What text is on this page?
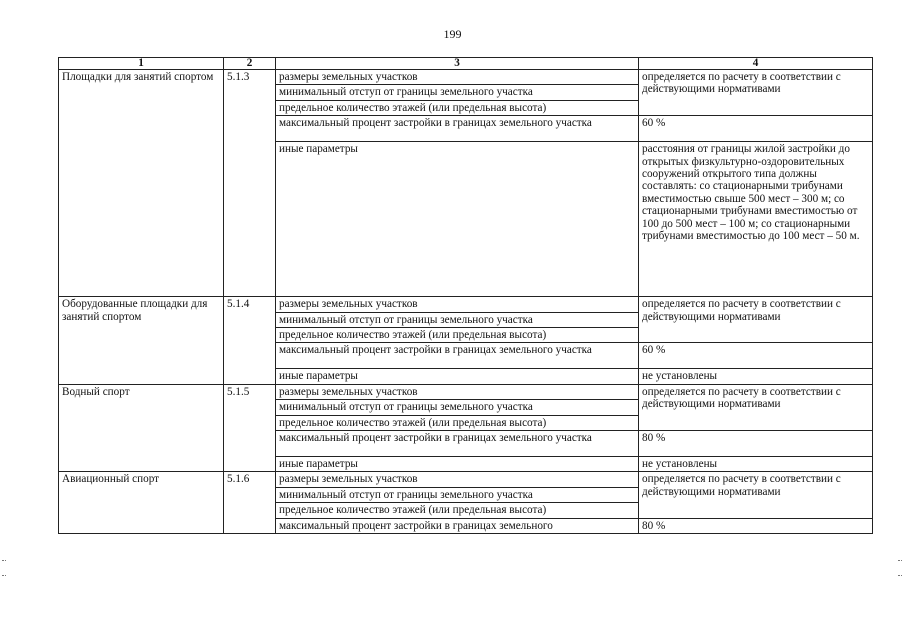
199
1	2	3	4
Площадки для занятий спортом	5.1.3	размеры земельных участков	определяется по расчету в соответствии с действующими нормативами
		минимальный отступ от границы земельного участка	
		предельное количество этажей (или предельная высота)	
		максимальный процент застройки в границах земельного участка	60 %
		иные параметры	расстояния от границы жилой застройки до открытых физкультурно-оздоровительных сооружений открытого типа должны составлять: со стационарными трибунами вместимостью свыше 500 мест – 300 м; со стационарными трибунами вместимостью от 100 до 500 мест – 100 м; со стационарными трибунами вместимостью до 100 мест – 50 м.
Оборудованные площадки для занятий спортом	5.1.4	размеры земельных участков	определяется по расчету в соответствии с действующими нормативами
		минимальный отступ от границы земельного участка	
		предельное количество этажей (или предельная высота)	
		максимальный процент застройки в границах земельного участка	60 %
		иные параметры	не установлены
Водный спорт	5.1.5	размеры земельных участков	определяется по расчету в соответствии с действующими нормативами
		минимальный отступ от границы земельного участка	
		предельное количество этажей (или предельная высота)	
		максимальный процент застройки в границах земельного участка	80 %
		иные параметры	не установлены
Авиационный спорт	5.1.6	размеры земельных участков	определяется по расчету в соответствии с действующими нормативами
		минимальный отступ от границы земельного участка	
		предельное количество этажей (или предельная высота)	
		максимальный процент застройки в границах земельного	80 %
